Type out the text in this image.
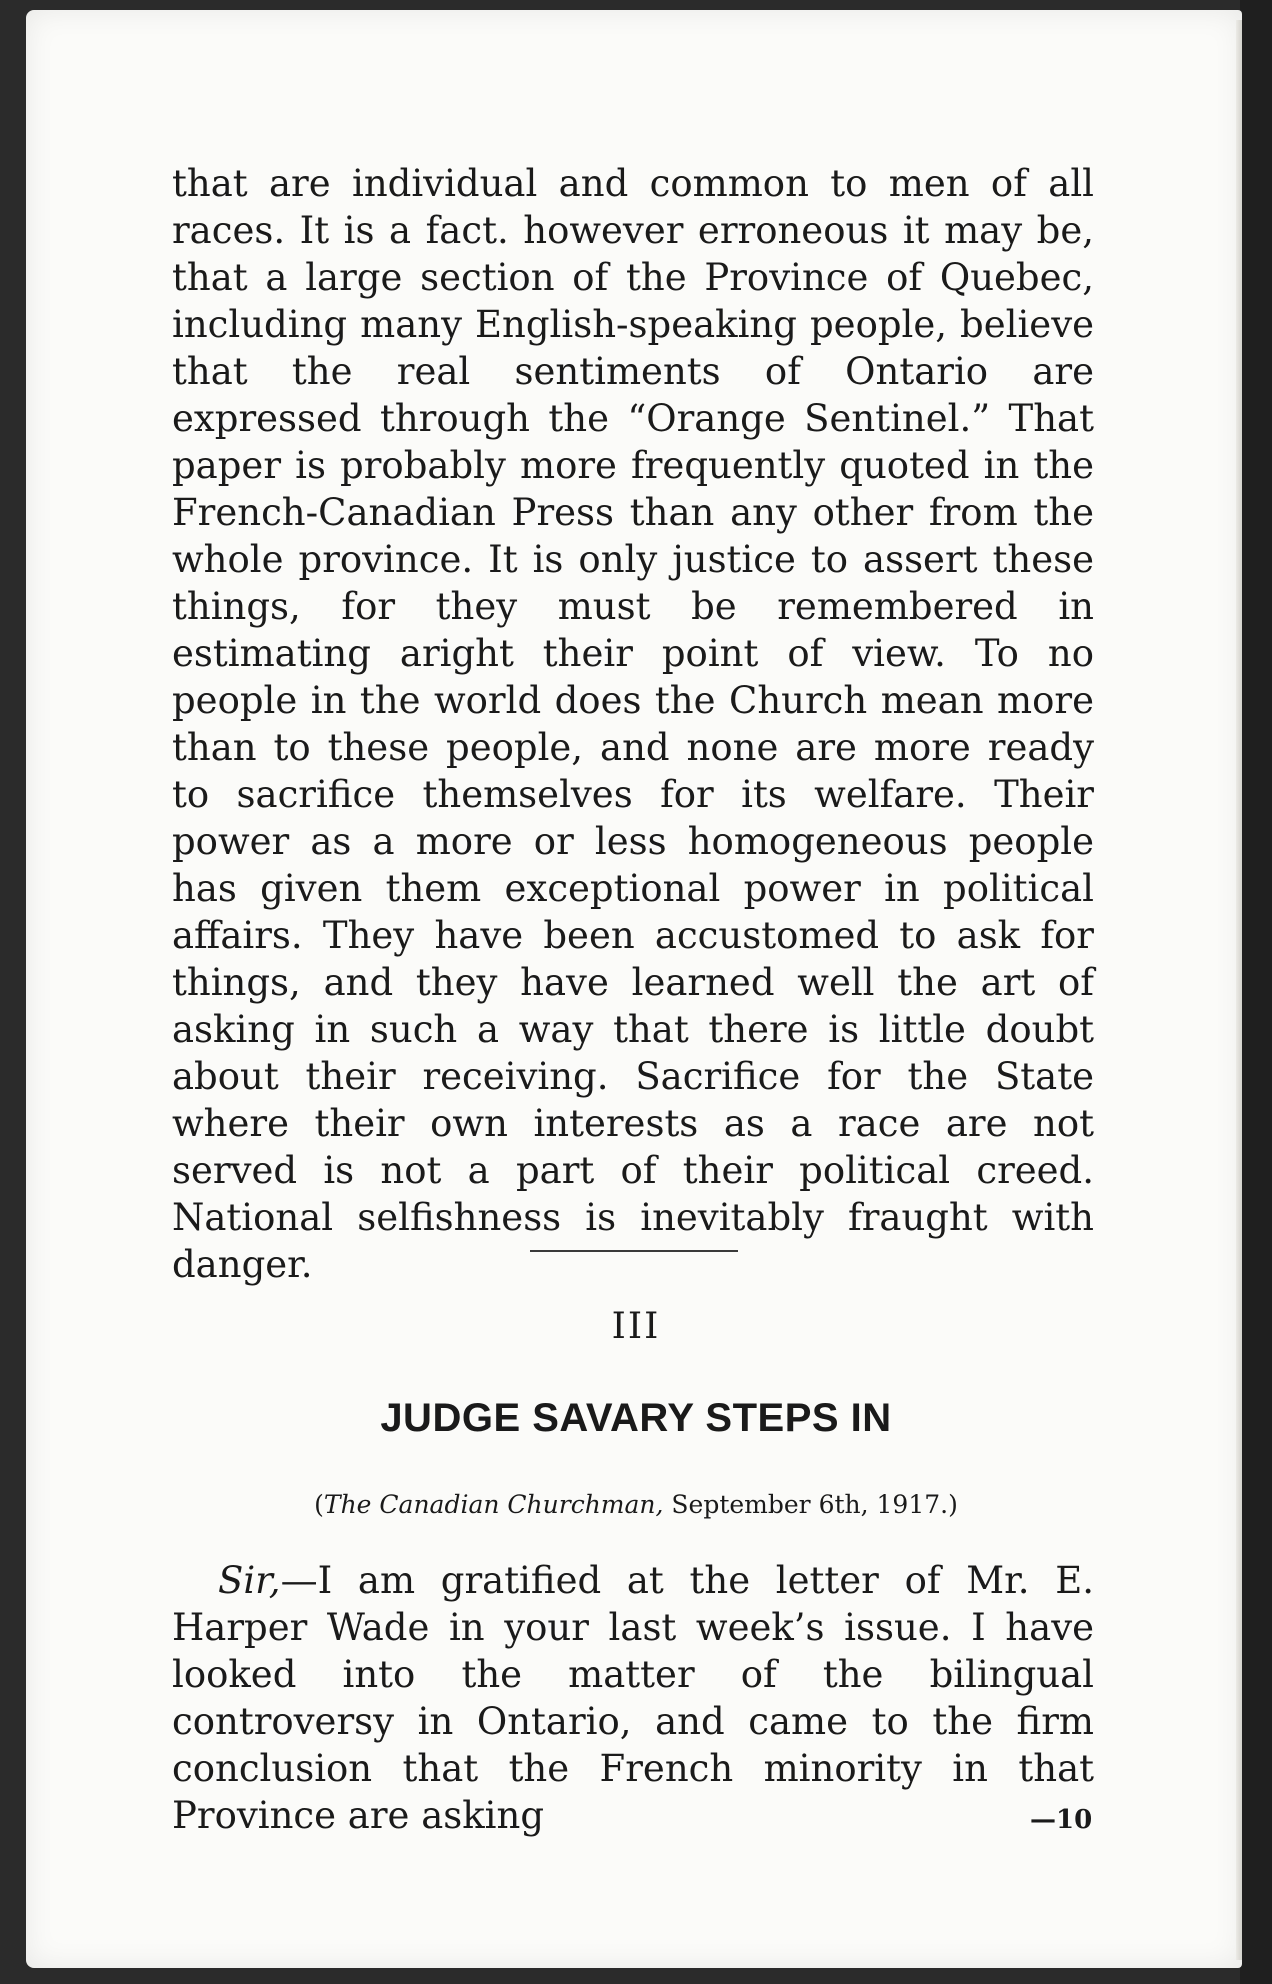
that are individual and common to men of all races. It is a fact. however erroneous it may be, that a large section of the Province of Quebec, including many English-speaking people, believe that the real sentiments of Ontario are expressed through the “Orange Sentinel.” That paper is probably more frequently quoted in the French-Canadian Press than any other from the whole province. It is only justice to assert these things, for they must be remembered in estimating aright their point of view. To no people in the world does the Church mean more than to these people, and none are more ready to sacrifice themselves for its welfare. Their power as a more or less homogeneous people has given them exceptional power in political affairs. They have been accustomed to ask for things, and they have learned well the art of asking in such a way that there is little doubt about their receiving. Sacrifice for the State where their own interests as a race are not served is not a part of their political creed. National selfishness is inevitably fraught with danger.

III
JUDGE SAVARY STEPS IN
(The Canadian Churchman, September 6th, 1917.)

Sir,—I am gratified at the letter of Mr. E. Harper Wade in your last week’s issue. I have looked into the matter of the bilingual controversy in Ontario, and came to the firm conclusion that the French minority in that Province are asking	—10
